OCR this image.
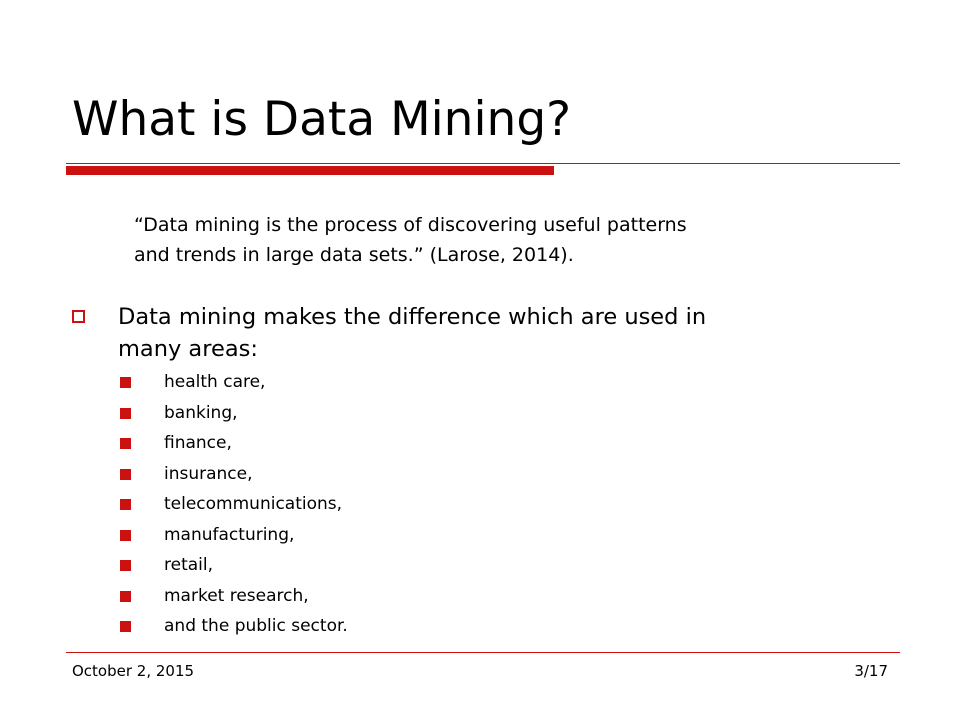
What is Data Mining?

“Data mining is the process of discovering useful patterns
and trends in large data sets.” (Larose, 2014).

Data mining makes the difference which are used in
many areas:

health care,
banking,
finance,
insurance,
telecommunications,
manufacturing,
retail,
market research,
and the public sector.
October 2, 2015	3/17
